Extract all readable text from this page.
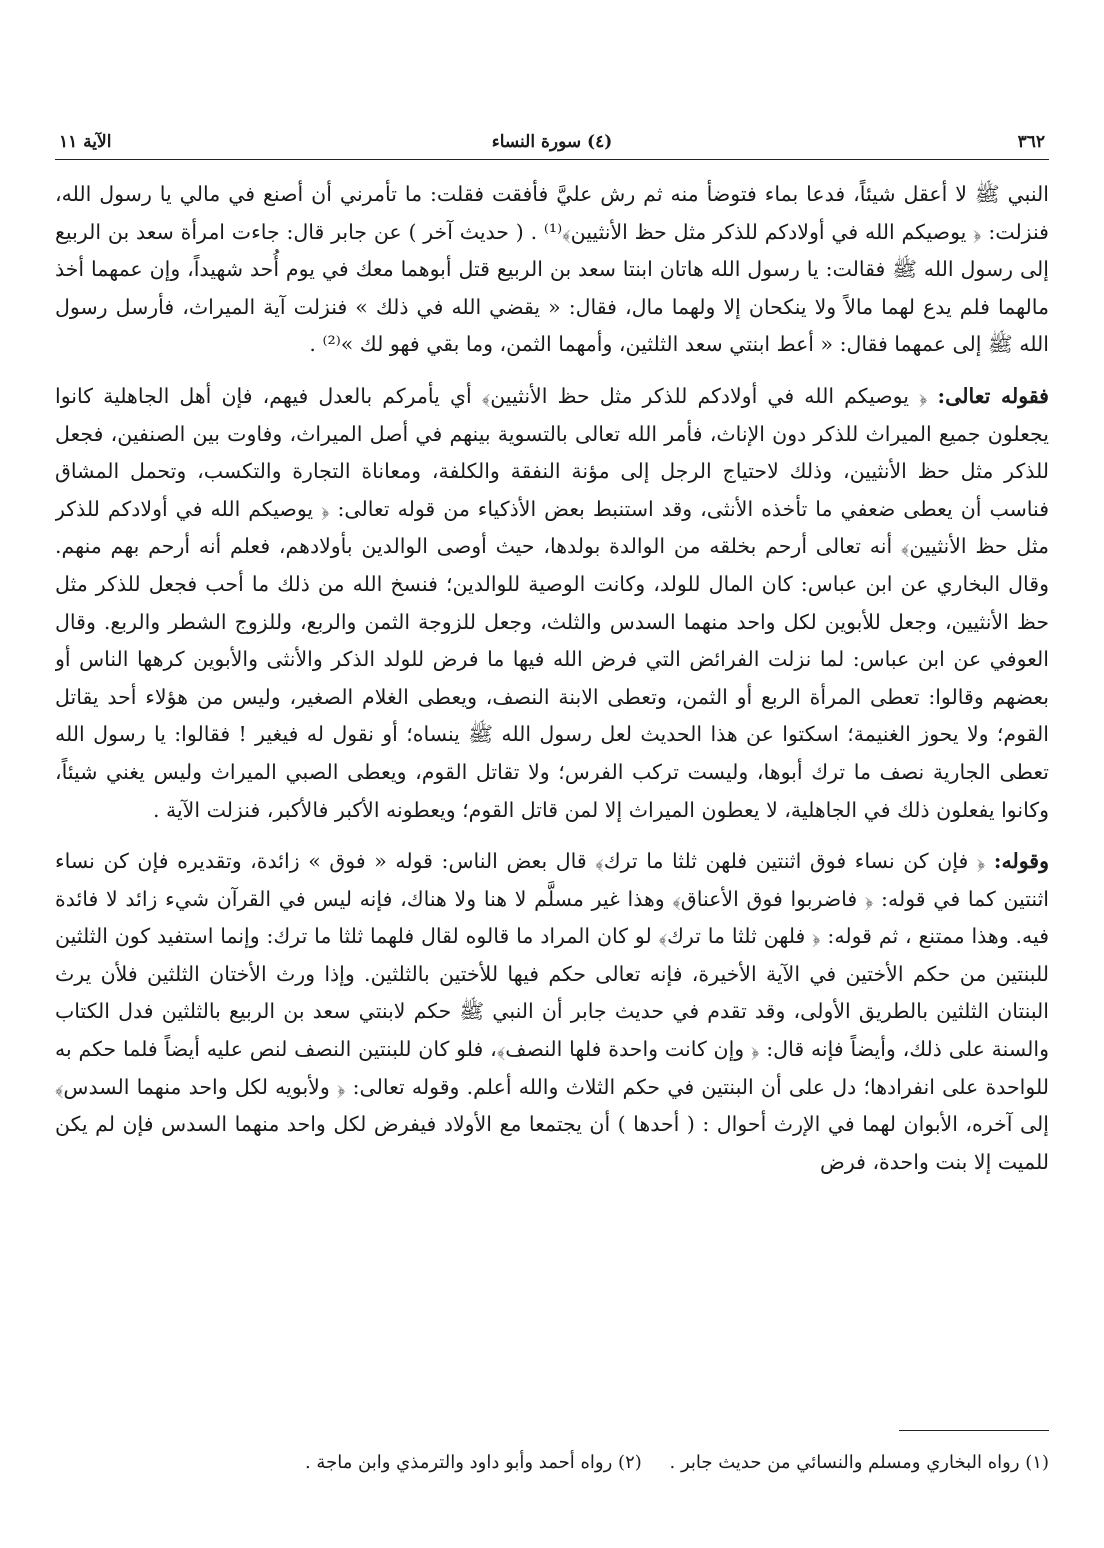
٣٦٢
(٤) سورة النساء
الآية ١١

النبي ﷺ لا أعقل شيئاً، فدعا بماء فتوضأ منه ثم رش عليَّ فأفقت فقلت: ما تأمرني أن أصنع في مالي يا رسول الله، فنزلت: ﴿ يوصيكم الله في أولادكم للذكر مثل حظ الأنثيين﴾⁽¹⁾ . ( حديث آخر ) عن جابر قال: جاءت امرأة سعد بن الربيع إلى رسول الله ﷺ فقالت: يا رسول الله هاتان ابنتا سعد بن الربيع قتل أبوهما معك في يوم أُحد شهيداً، وإن عمهما أخذ مالهما فلم يدع لهما مالاً ولا ينكحان إلا ولهما مال، فقال: « يقضي الله في ذلك » فنزلت آية الميراث، فأرسل رسول الله ﷺ إلى عمهما فقال: « أعط ابنتي سعد الثلثين، وأمهما الثمن، وما بقي فهو لك »⁽²⁾ .

فقوله تعالى: ﴿ يوصيكم الله في أولادكم للذكر مثل حظ الأنثيين﴾ أي يأمركم بالعدل فيهم، فإن أهل الجاهلية كانوا يجعلون جميع الميراث للذكر دون الإناث، فأمر الله تعالى بالتسوية بينهم في أصل الميراث، وفاوت بين الصنفين، فجعل للذكر مثل حظ الأنثيين، وذلك لاحتياج الرجل إلى مؤنة النفقة والكلفة، ومعاناة التجارة والتكسب، وتحمل المشاق فناسب أن يعطى ضعفي ما تأخذه الأنثى، وقد استنبط بعض الأذكياء من قوله تعالى: ﴿ يوصيكم الله في أولادكم للذكر مثل حظ الأنثيين﴾ أنه تعالى أرحم بخلقه من الوالدة بولدها، حيث أوصى الوالدين بأولادهم، فعلم أنه أرحم بهم منهم. وقال البخاري عن ابن عباس: كان المال للولد، وكانت الوصية للوالدين؛ فنسخ الله من ذلك ما أحب فجعل للذكر مثل حظ الأنثيين، وجعل للأبوين لكل واحد منهما السدس والثلث، وجعل للزوجة الثمن والربع، وللزوج الشطر والربع. وقال العوفي عن ابن عباس: لما نزلت الفرائض التي فرض الله فيها ما فرض للولد الذكر والأنثى والأبوين كرهها الناس أو بعضهم وقالوا: تعطى المرأة الربع أو الثمن، وتعطى الابنة النصف، ويعطى الغلام الصغير، وليس من هؤلاء أحد يقاتل القوم؛ ولا يحوز الغنيمة؛ اسكتوا عن هذا الحديث لعل رسول الله ﷺ ينساه؛ أو نقول له فيغير ! فقالوا: يا رسول الله تعطى الجارية نصف ما ترك أبوها، وليست تركب الفرس؛ ولا تقاتل القوم، ويعطى الصبي الميراث وليس يغني شيئاً، وكانوا يفعلون ذلك في الجاهلية، لا يعطون الميراث إلا لمن قاتل القوم؛ ويعطونه الأكبر فالأكبر، فنزلت الآية .

وقوله: ﴿ فإن كن نساء فوق اثنتين فلهن ثلثا ما ترك﴾ قال بعض الناس: قوله « فوق » زائدة، وتقديره فإن كن نساء اثنتين كما في قوله: ﴿ فاضربوا فوق الأعناق﴾ وهذا غير مسلَّم لا هنا ولا هناك، فإنه ليس في القرآن شيء زائد لا فائدة فيه. وهذا ممتنع ، ثم قوله: ﴿ فلهن ثلثا ما ترك﴾ لو كان المراد ما قالوه لقال فلهما ثلثا ما ترك: وإنما استفيد كون الثلثين للبنتين من حكم الأختين في الآية الأخيرة، فإنه تعالى حكم فيها للأختين بالثلثين. وإذا ورث الأختان الثلثين فلأن يرث البنتان الثلثين بالطريق الأولى، وقد تقدم في حديث جابر أن النبي ﷺ حكم لابنتي سعد بن الربيع بالثلثين فدل الكتاب والسنة على ذلك، وأيضاً فإنه قال: ﴿ وإن كانت واحدة فلها النصف﴾، فلو كان للبنتين النصف لنص عليه أيضاً فلما حكم به للواحدة على انفرادها؛ دل على أن البنتين في حكم الثلاث والله أعلم. وقوله تعالى: ﴿ ولأبويه لكل واحد منهما السدس﴾ إلى آخره، الأبوان لهما في الإرث أحوال : ( أحدها ) أن يجتمعا مع الأولاد فيفرض لكل واحد منهما السدس فإن لم يكن للميت إلا بنت واحدة، فرض

(١) رواه البخاري ومسلم والنسائي من حديث جابر . (٢) رواه أحمد وأبو داود والترمذي وابن ماجة .
